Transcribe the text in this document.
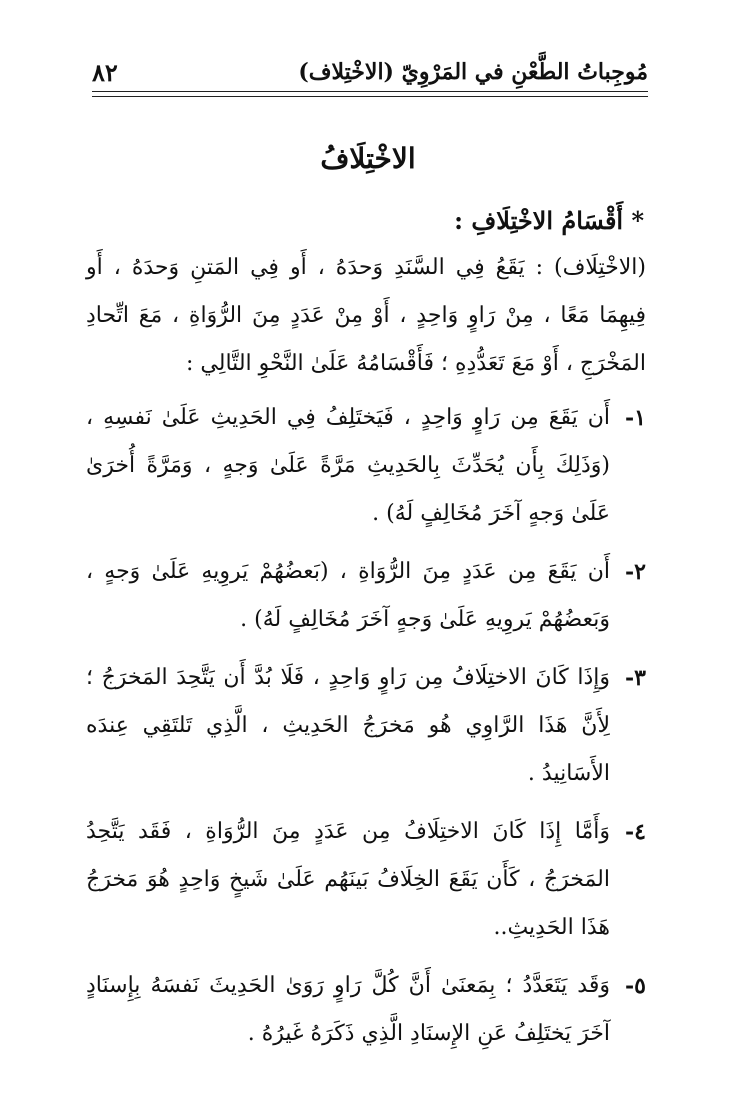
مُوجِباتُ الطَّعْنِ في المَرْوِيّ (الاخْتِلاف)
٨٢
الاخْتِلَافُ
* أَقْسَامُ الاخْتِلَافِ :

(الاخْتِلَاف) : يَقَعُ فِي السَّنَدِ وَحدَهُ ، أَو فِي المَتنِ وَحدَهُ ، أَو فِيهِمَا مَعًا ، مِنْ رَاوٍ وَاحِدٍ ، أَوْ مِنْ عَدَدٍ مِنَ الرُّوَاةِ ، مَعَ اتِّحادِ المَخْرَجِ ، أَوْ مَعَ تَعَدُّدِهِ ؛ فَأَقْسَامُهُ عَلَىٰ النَّحْوِ التَّالِي :

١-
أَن يَقَعَ مِن رَاوٍ وَاحِدٍ ، فَيَختَلِفُ فِي الحَدِيثِ عَلَىٰ نَفسِهِ ، (وَذَلِكَ بِأَن يُحَدِّثَ بِالحَدِيثِ مَرَّةً عَلَىٰ وَجهٍ ، وَمَرَّةً أُخرَىٰ عَلَىٰ وَجهٍ آخَرَ مُخَالِفٍ لَهُ) .
٢-
أَن يَقَعَ مِن عَدَدٍ مِنَ الرُّوَاةِ ، (بَعضُهُمْ يَروِيهِ عَلَىٰ وَجهٍ ، وَبَعضُهُمْ يَروِيهِ عَلَىٰ وَجهٍ آخَرَ مُخَالِفٍ لَهُ) .
٣-
وَإِذَا كَانَ الاختِلَافُ مِن رَاوٍ وَاحِدٍ ، فَلَا بُدَّ أَن يَتَّحِدَ المَخرَجُ ؛ لِأَنَّ هَذَا الرَّاوِي هُو مَخرَجُ الحَدِيثِ ، الَّذِي تَلتَقِي عِندَه الأَسَانِيدُ .
٤-
وَأَمَّا إِذَا كَانَ الاختِلَافُ مِن عَدَدٍ مِنَ الرُّوَاةِ ، فَقَد يَتَّحِدُ المَخرَجُ ، كَأَن يَقَعَ الخِلَافُ بَينَهُم عَلَىٰ شَيخٍ وَاحِدٍ هُوَ مَخرَجُ هَذَا الحَدِيثِ..
٥-
وَقَد يَتَعَدَّدُ ؛ بِمَعنَىٰ أَنَّ كُلَّ رَاوٍ رَوَىٰ الحَدِيثَ نَفسَهُ بِإِسنَادٍ آخَرَ يَختَلِفُ عَنِ الإِسنَادِ الَّذِي ذَكَرَهُ غَيرُهُ .
